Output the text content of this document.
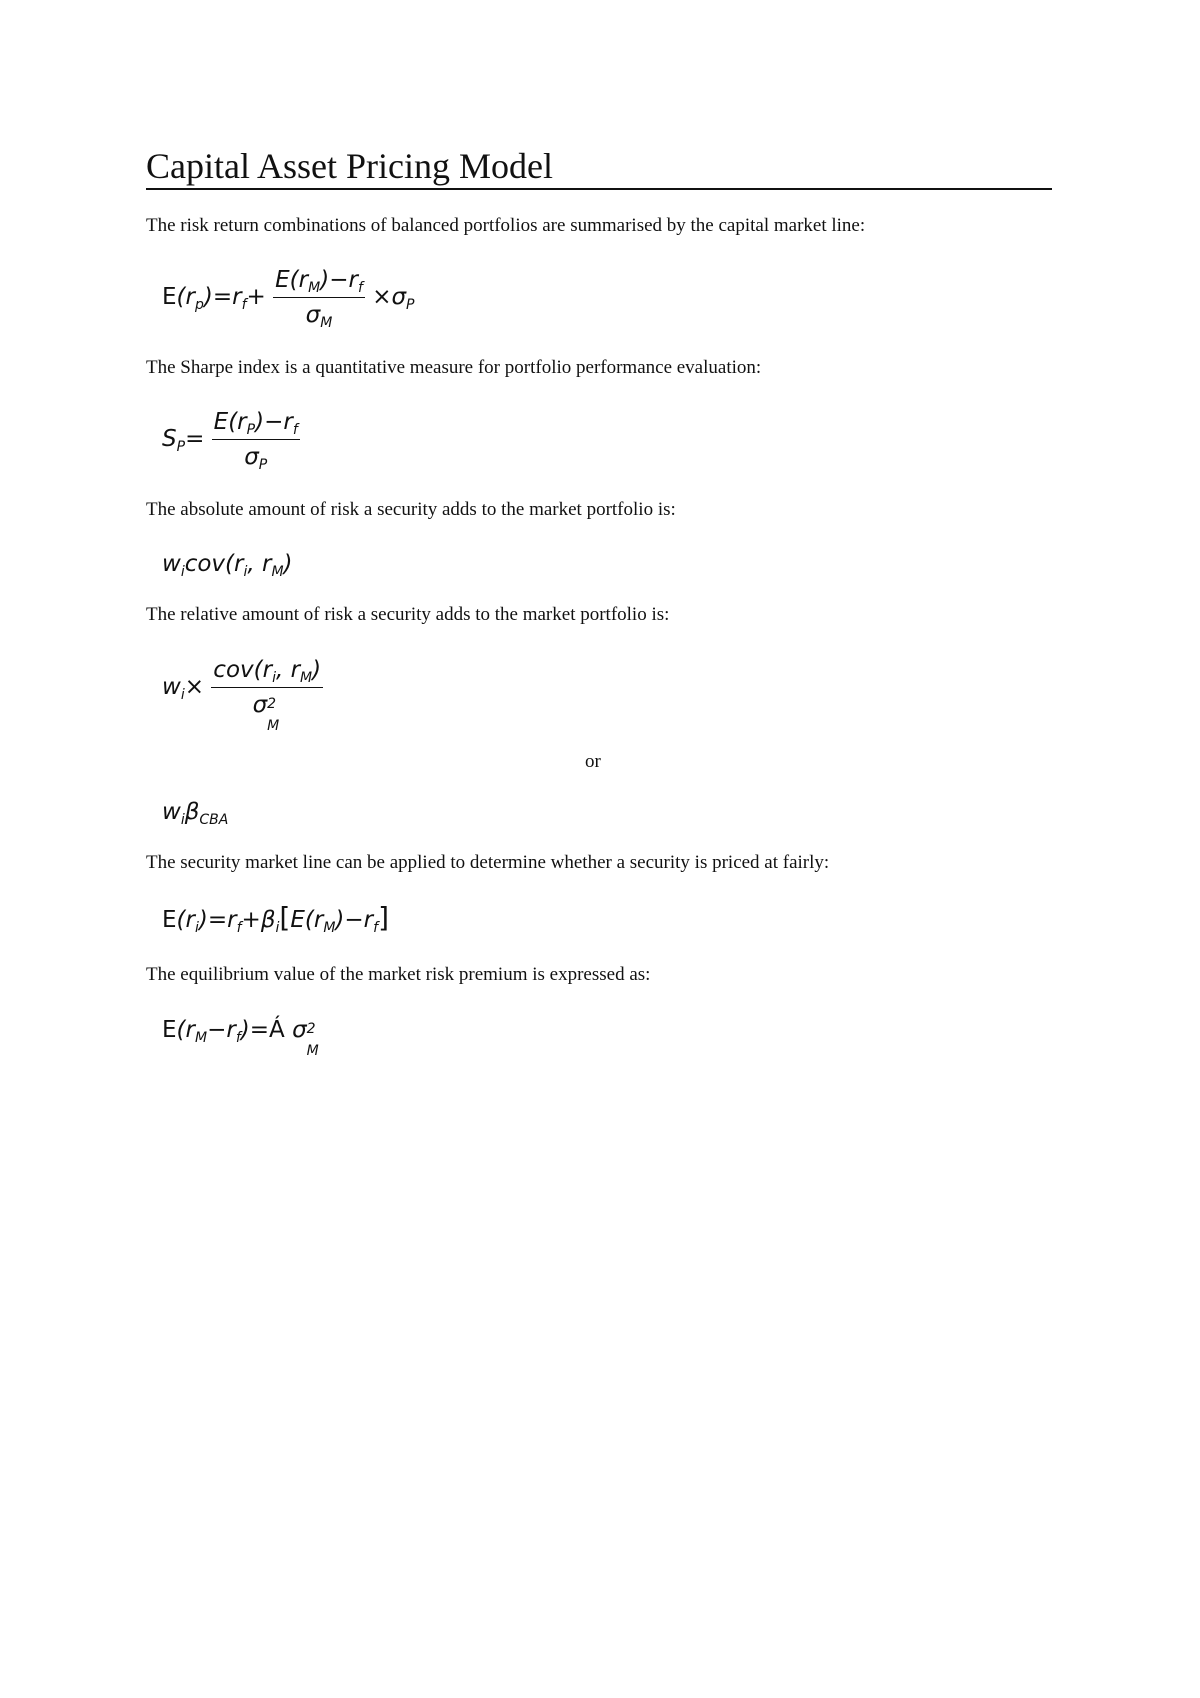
Capital Asset Pricing Model
The risk return combinations of balanced portfolios are summarised by the capital market line:
$E(r_p)=r_f+ \frac{E(r_M)-r_f}{\sigma_M} \times\sigma_P$
The Sharpe index is a quantitative measure for portfolio performance evaluation:
$S_P= \frac{E(r_P)-r_f}{\sigma_P}$
The absolute amount of risk a security adds to the market portfolio is:
$w_icov(r_i$, $r_M$)
The relative amount of risk a security adds to the market portfolio is:
$w_i\times cov(r_i$, $r_M$)
σ 2
M

or
$w_i\beta_{CBA}$
The security market line can be applied to determine whether a security is priced at fairly:
$E(r_i)=r_f+\beta_i[E(r_M)-r_f]$
The equilibrium value of the market risk premium is expressed as:
$E(r_M-r_f)=Á$ σ 2
M
